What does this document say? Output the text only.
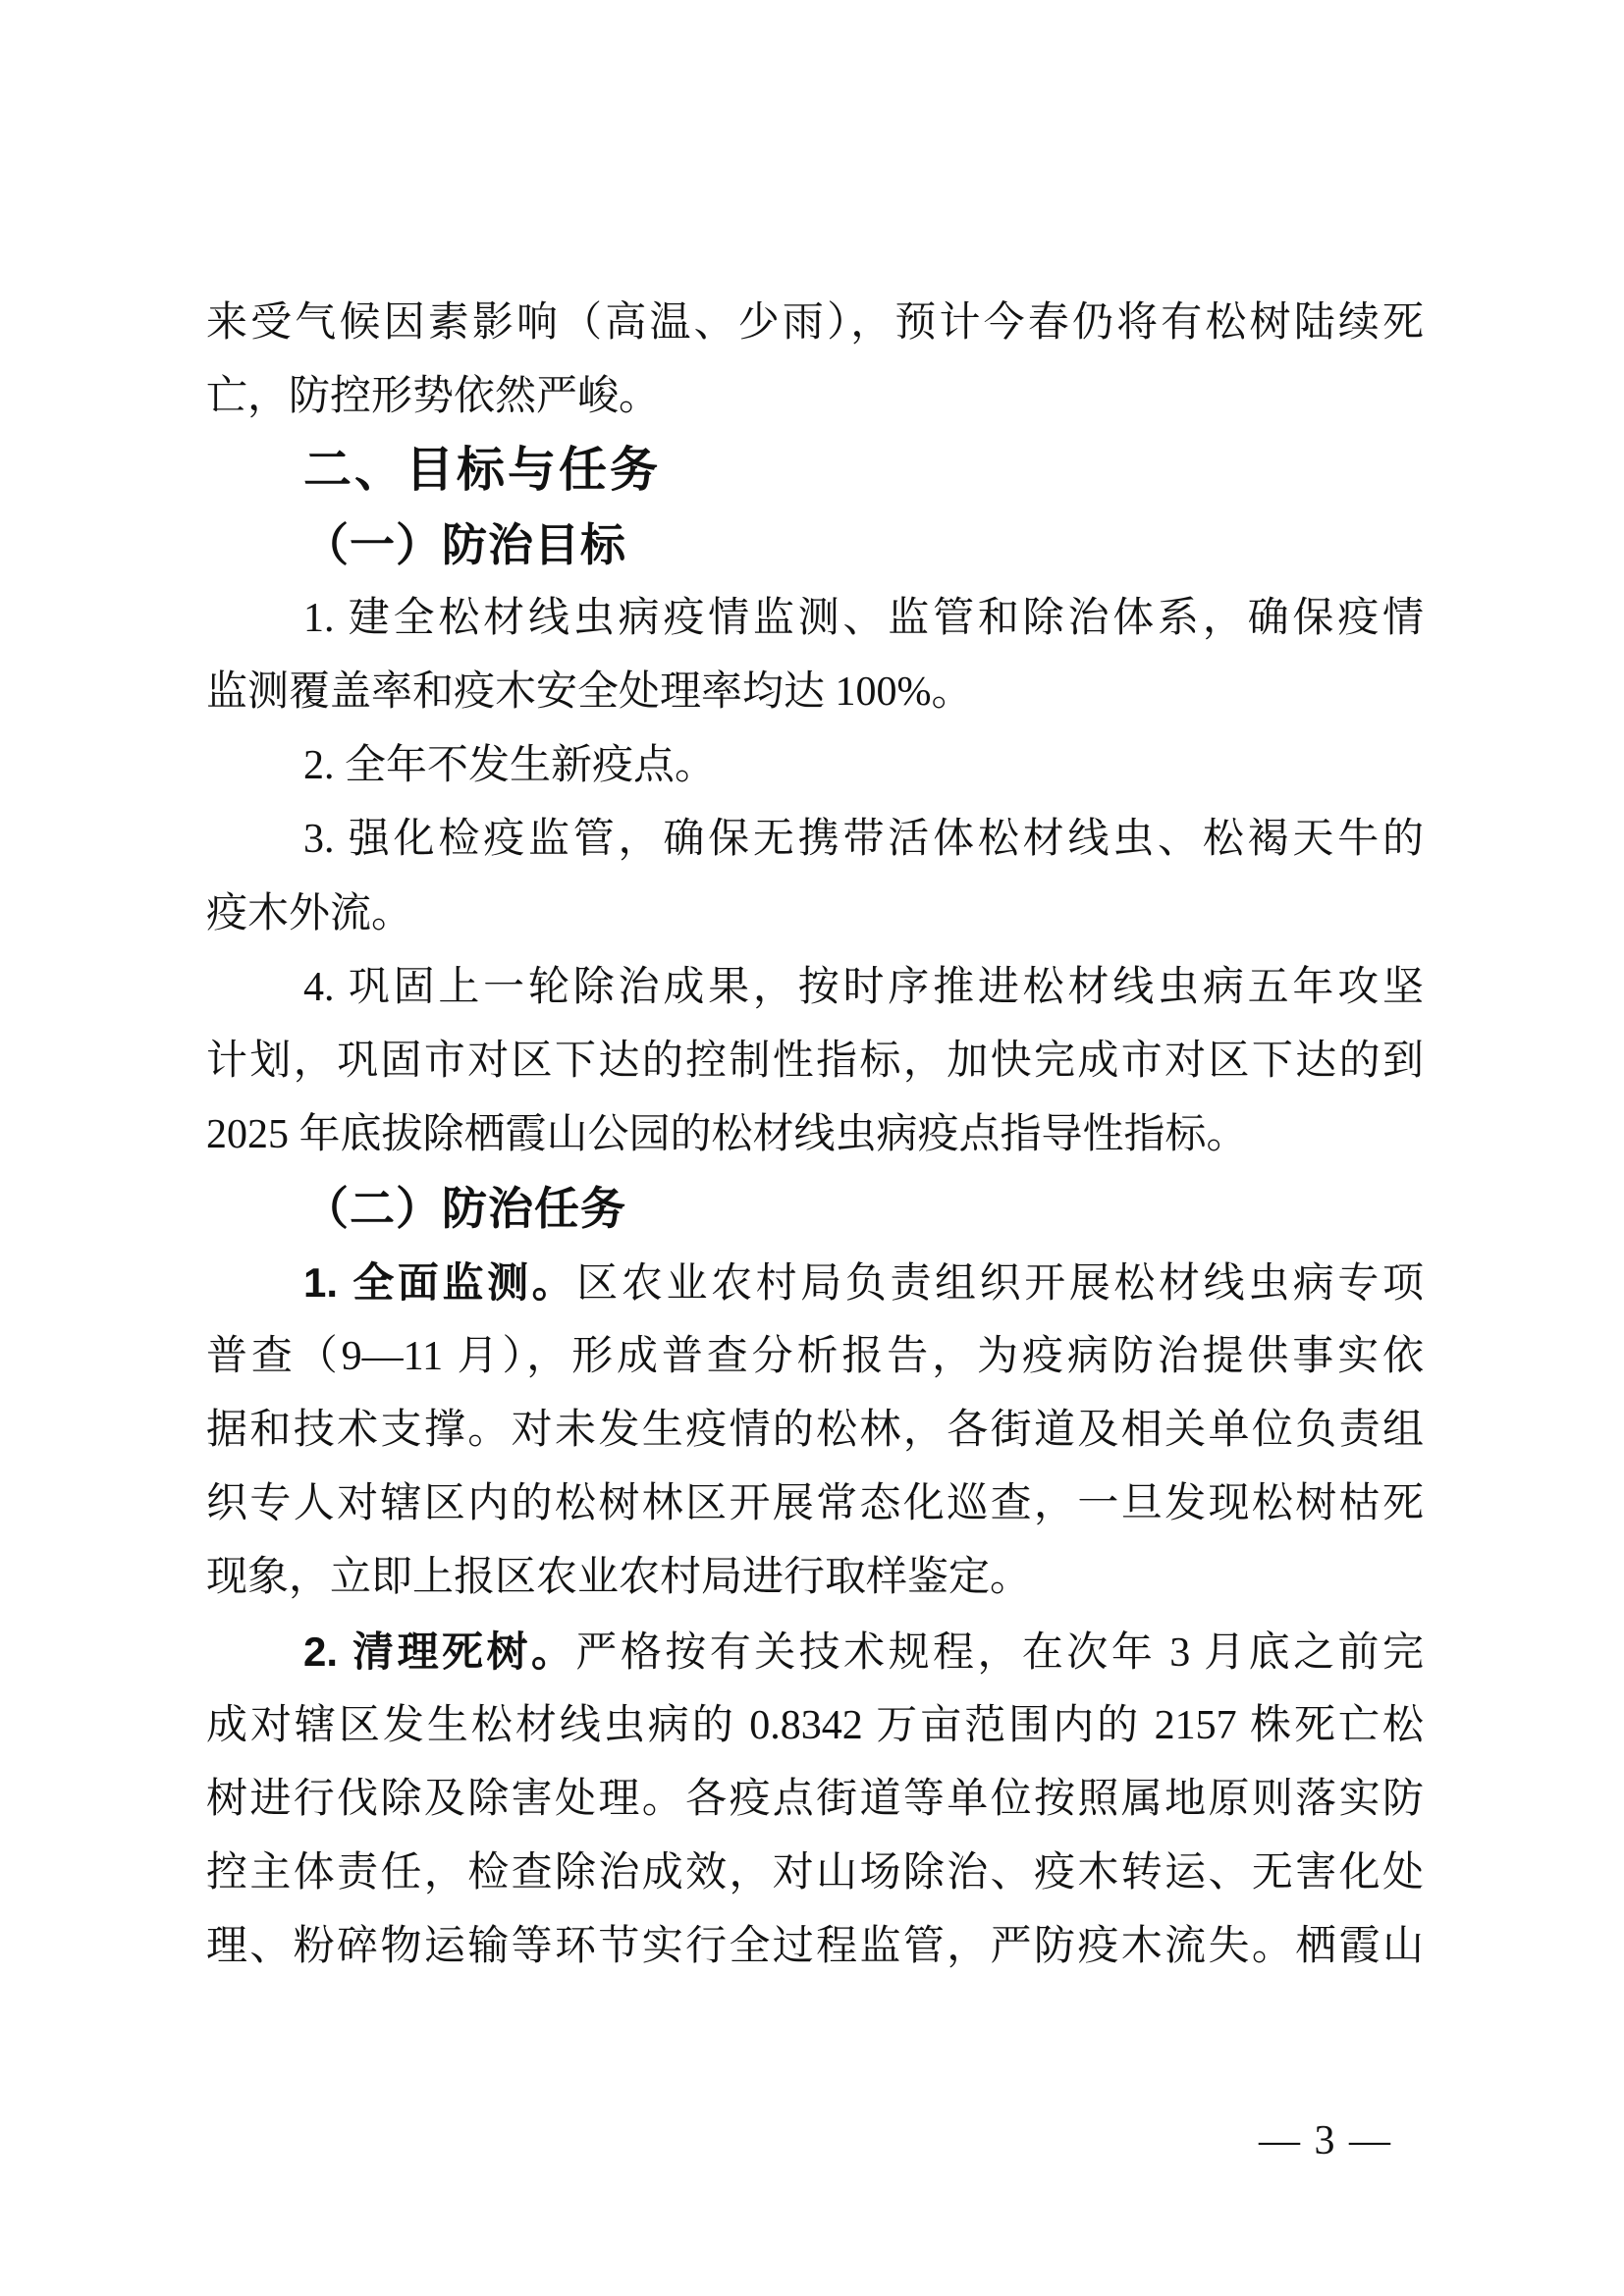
来受气候因素影响（高温、少雨），预计今春仍将有松树陆续死
亡，防控形势依然严峻。
二、目标与任务
（一）防治目标
1. 建全松材线虫病疫情监测、监管和除治体系，确保疫情
监测覆盖率和疫木安全处理率均达 100%。
2. 全年不发生新疫点。
3. 强化检疫监管，确保无携带活体松材线虫、松褐天牛的
疫木外流。
4. 巩固上一轮除治成果，按时序推进松材线虫病五年攻坚
计划，巩固市对区下达的控制性指标，加快完成市对区下达的到
2025 年底拔除栖霞山公园的松材线虫病疫点指导性指标。
（二）防治任务
1. 全面监测。区农业农村局负责组织开展松材线虫病专项
普查（9—11 月），形成普查分析报告，为疫病防治提供事实依
据和技术支撑。对未发生疫情的松林，各街道及相关单位负责组
织专人对辖区内的松树林区开展常态化巡查，一旦发现松树枯死
现象，立即上报区农业农村局进行取样鉴定。
2. 清理死树。严格按有关技术规程，在次年 3 月底之前完
成对辖区发生松材线虫病的 0.8342 万亩范围内的 2157 株死亡松
树进行伐除及除害处理。各疫点街道等单位按照属地原则落实防
控主体责任，检查除治成效，对山场除治、疫木转运、无害化处
理、粉碎物运输等环节实行全过程监管，严防疫木流失。栖霞山
— 3 —
